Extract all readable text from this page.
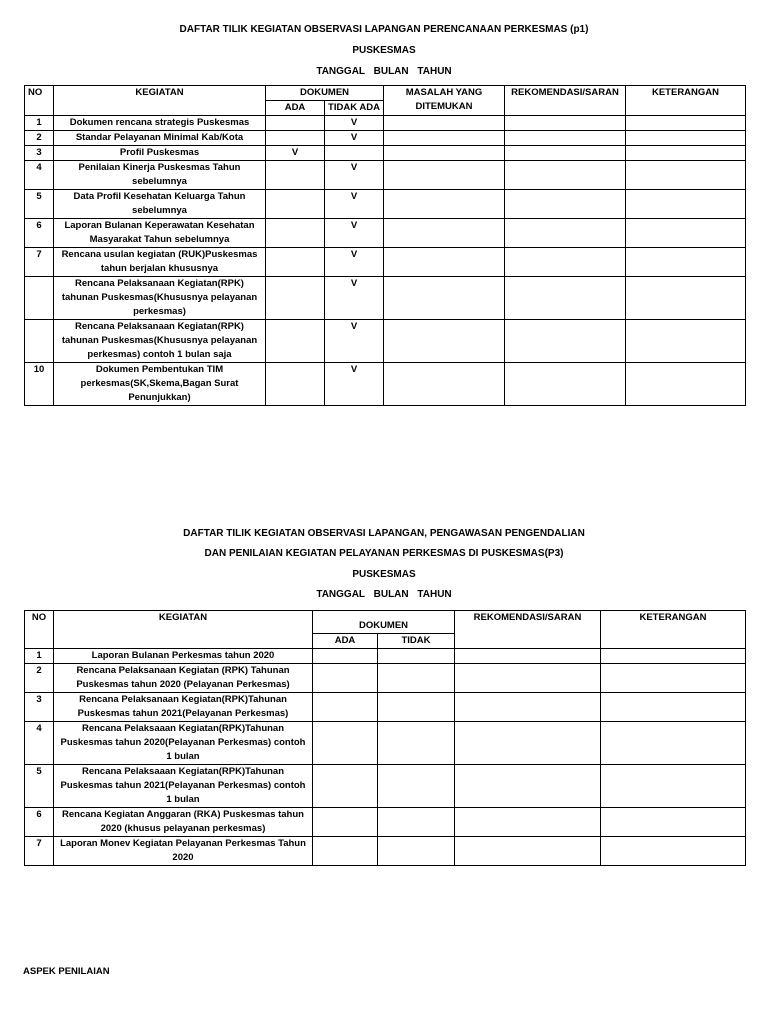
DAFTAR TILIK KEGIATAN OBSERVASI LAPANGAN PERENCANAAN PERKESMAS (p1)
PUSKESMAS
TANGGAL BULAN TAHUN
NO	KEGIATAN	DOKUMEN		MASALAH YANG DITEMUKAN	REKOMENDASI/SARAN	KETERANGAN
		ADA	TIDAK ADA			
1	Dokumen rencana strategis Puskesmas		V			
2	Standar Pelayanan Minimal Kab/Kota		V			
3	Profil Puskesmas	V				
4	Penilaian Kinerja Puskesmas Tahun sebelumnya		V			
5	Data Profil Kesehatan Keluarga Tahun sebelumnya		V			
6	Laporan Bulanan Keperawatan Kesehatan Masyarakat Tahun sebelumnya		V			
7	Rencana usulan kegiatan (RUK)Puskesmas tahun berjalan khususnya		V			
	Rencana Pelaksanaan Kegiatan(RPK) tahunan Puskesmas(Khususnya pelayanan perkesmas)		V			
	Rencana Pelaksanaan Kegiatan(RPK) tahunan Puskesmas(Khususnya pelayanan perkesmas) contoh 1 bulan saja		V			
10	Dokumen Pembentukan TIM perkesmas(SK,Skema,Bagan Surat Penunjukkan)		V			
DAFTAR TILIK KEGIATAN OBSERVASI LAPANGAN, PENGAWASAN PENGENDALIAN
DAN PENILAIAN KEGIATAN PELAYANAN PERKESMAS DI PUSKESMAS(P3)
PUSKESMAS
TANGGAL BULAN TAHUN
NO	KEGIATAN	DOKUMEN		REKOMENDASI/SARAN	KETERANGAN
		ADA	TIDAK		
1	Laporan Bulanan Perkesmas tahun 2020				
2	Rencana Pelaksanaan Kegiatan (RPK) Tahunan Puskesmas tahun 2020 (Pelayanan Perkesmas)				
3	Rencana Pelaksanaan Kegiatan(RPK)Tahunan Puskesmas tahun 2021(Pelayanan Perkesmas)				
4	Rencana Pelaksaaan Kegiatan(RPK)Tahunan Puskesmas tahun 2020(Pelayanan Perkesmas) contoh 1 bulan				
5	Rencana Pelaksaaan Kegiatan(RPK)Tahunan Puskesmas tahun 2021(Pelayanan Perkesmas) contoh 1 bulan				
6	Rencana Kegiatan Anggaran (RKA) Puskesmas tahun 2020 (khusus pelayanan perkesmas)				
7	Laporan Monev Kegiatan Pelayanan Perkesmas Tahun 2020				
ASPEK PENILAIAN
